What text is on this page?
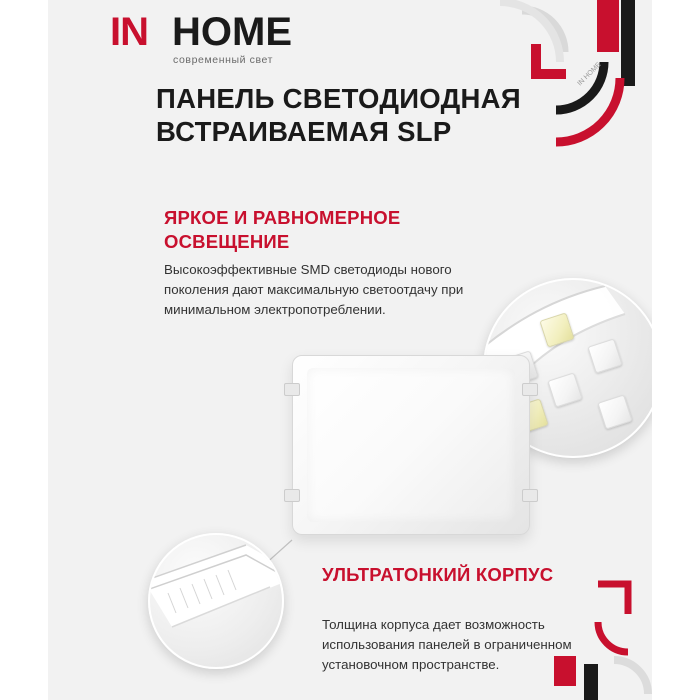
IN HOME
IN HOME
современный свет
ПАНЕЛЬ СВЕТОДИОДНАЯ
ВСТРАИВАЕМАЯ SLP
ЯРКОЕ И РАВНОМЕРНОЕ ОСВЕЩЕНИЕ
Высокоэффективные SMD светодиоды нового поколения дают максимальную светоотдачу при минимальном электропотреблении.
УЛЬТРАТОНКИЙ КОРПУС
Толщина корпуса дает возможность использования панелей в ограниченном установочном пространстве.
